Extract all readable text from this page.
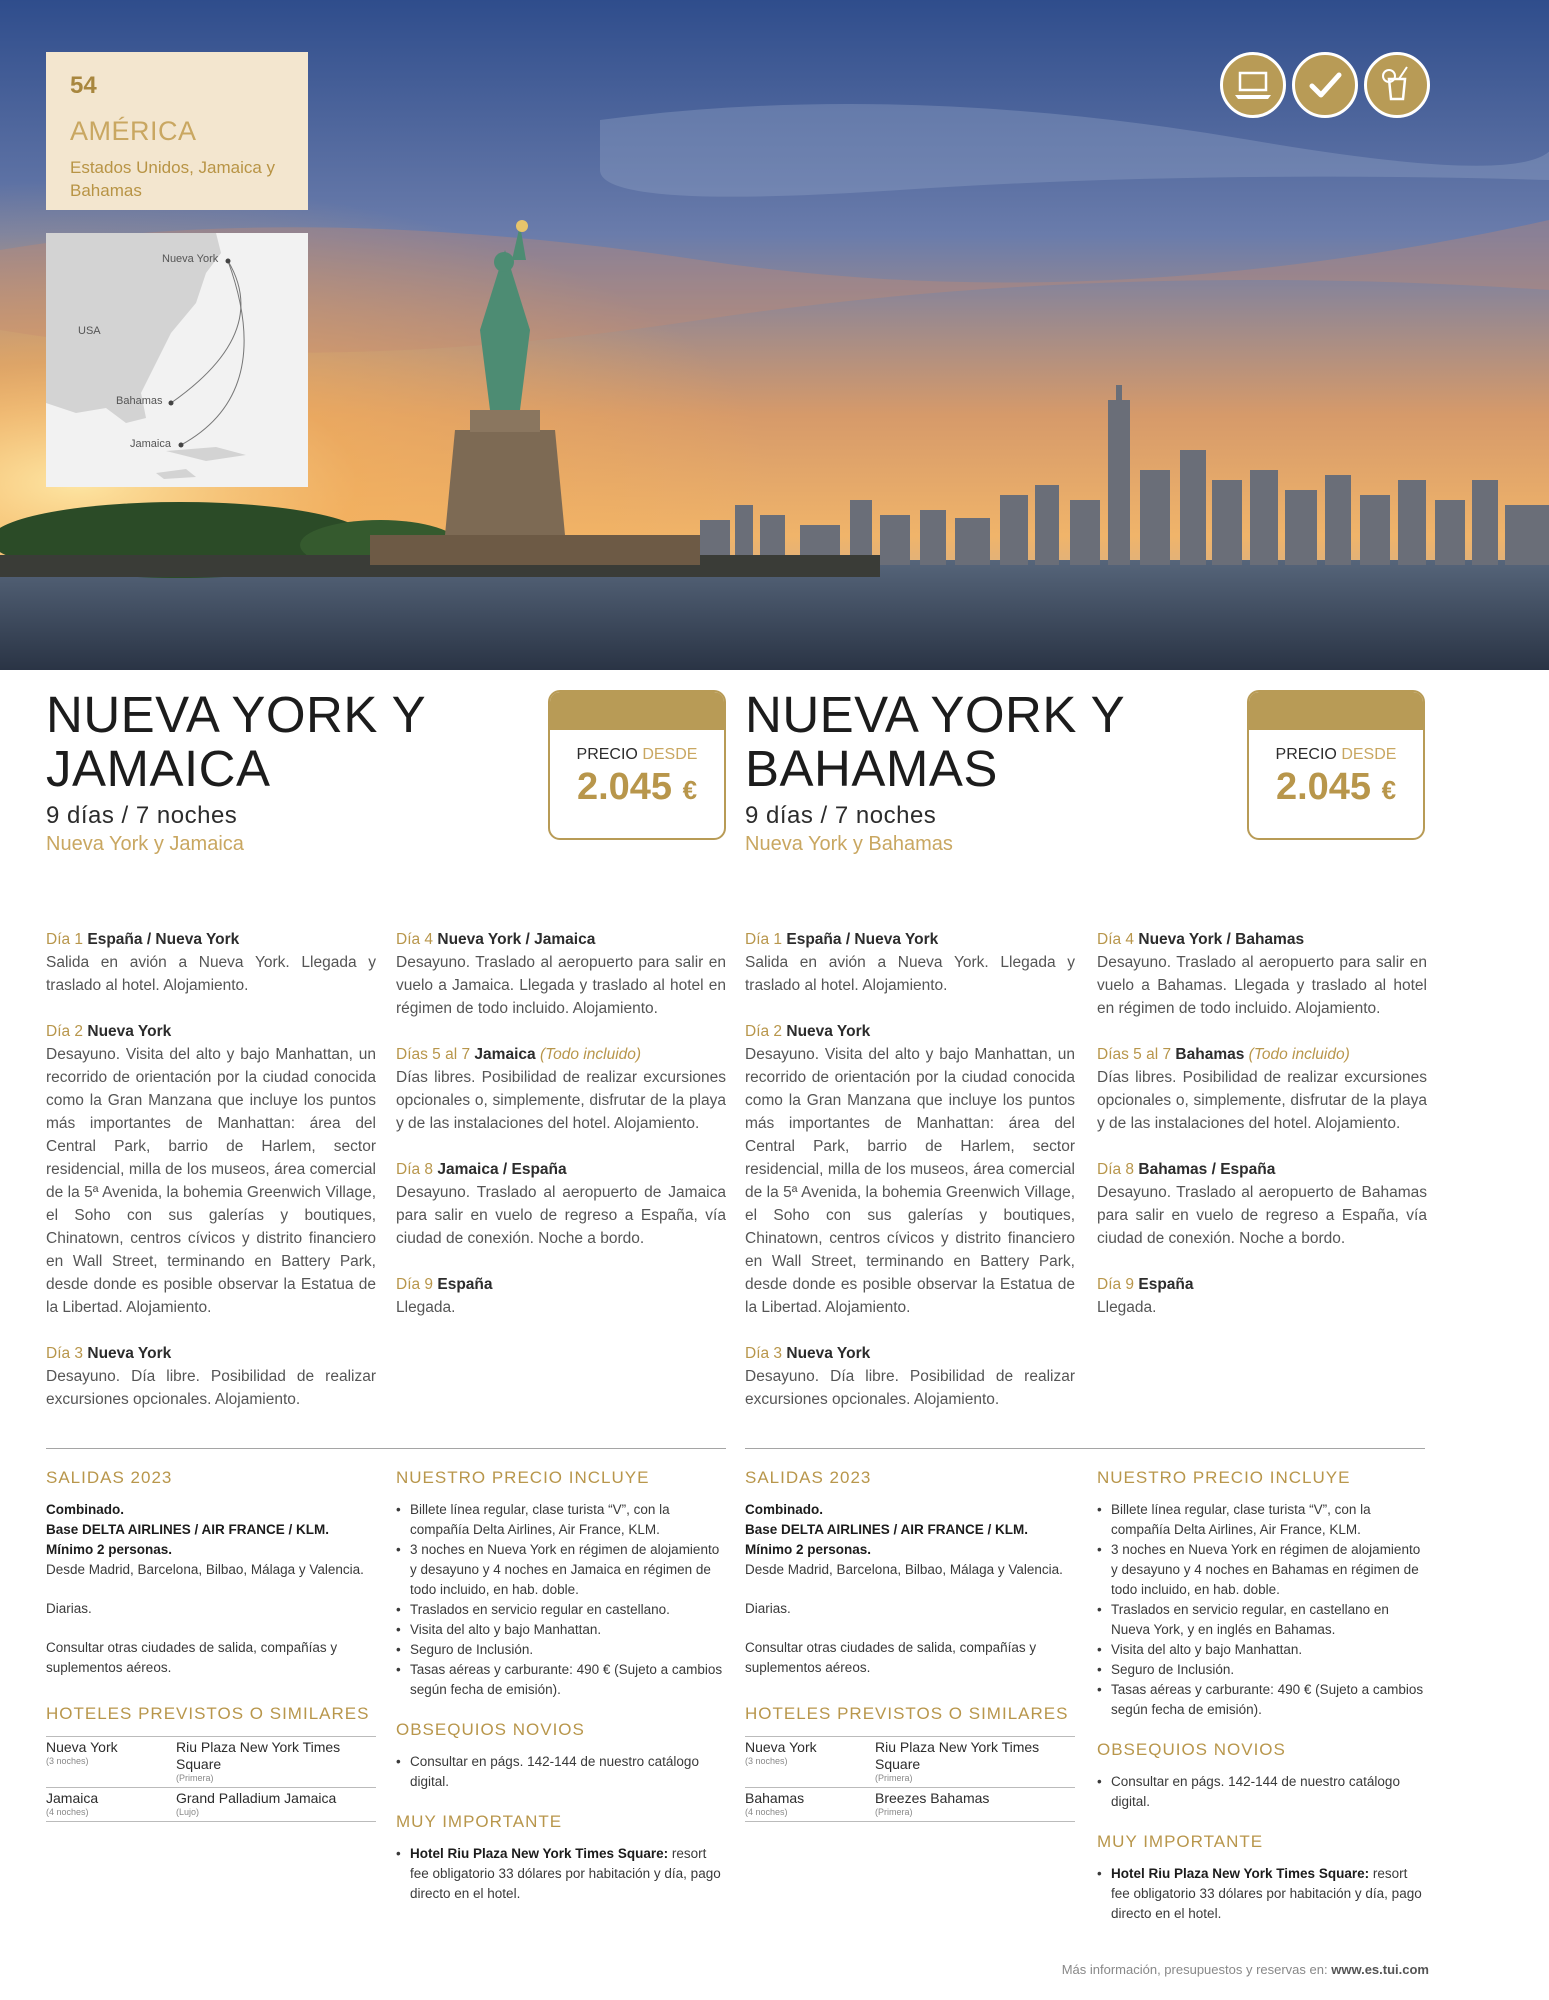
54
AMÉRICA
Estados Unidos, Jamaica y Bahamas
Nueva York
USA
Bahamas
Jamaica
NUEVA YORK Y
JAMAICA
9 días / 7 noches
Nueva York y Jamaica
PRECIO DESDE
2.045 €
NUEVA YORK Y
BAHAMAS
9 días / 7 noches
Nueva York y Bahamas
PRECIO DESDE
2.045 €
Día 1 España / Nueva York
Salida en avión a Nueva York. Llegada y traslado al hotel. Alojamiento.
Día 2 Nueva York
Desayuno. Visita del alto y bajo Manhattan, un recorrido de orientación por la ciudad conocida como la Gran Manzana que incluye los puntos más importantes de Manhattan: área del Central Park, barrio de Harlem, sector residencial, milla de los museos, área comercial de la 5ª Avenida, la bohemia Greenwich Village, el Soho con sus galerías y boutiques, Chinatown, centros cívicos y distrito financiero en Wall Street, terminando en Battery Park, desde donde es posible observar la Estatua de la Libertad. Alojamiento.
Día 3 Nueva York
Desayuno. Día libre. Posibilidad de realizar excursiones opcionales. Alojamiento.
Día 4 Nueva York / Jamaica
Desayuno. Traslado al aeropuerto para salir en vuelo a Jamaica. Llegada y traslado al hotel en régimen de todo incluido. Alojamiento.
Días 5 al 7 Jamaica (Todo incluido)
Días libres. Posibilidad de realizar excursiones opcionales o, simplemente, disfrutar de la playa y de las instalaciones del hotel. Alojamiento.
Día 8 Jamaica / España
Desayuno. Traslado al aeropuerto de Jamaica para salir en vuelo de regreso a España, vía ciudad de conexión. Noche a bordo.
Día 9 España
Llegada.
Día 1 España / Nueva York
Salida en avión a Nueva York. Llegada y traslado al hotel. Alojamiento.
Día 2 Nueva York
Desayuno. Visita del alto y bajo Manhattan, un recorrido de orientación por la ciudad conocida como la Gran Manzana que incluye los puntos más importantes de Manhattan: área del Central Park, barrio de Harlem, sector residencial, milla de los museos, área comercial de la 5ª Avenida, la bohemia Greenwich Village, el Soho con sus galerías y boutiques, Chinatown, centros cívicos y distrito financiero en Wall Street, terminando en Battery Park, desde donde es posible observar la Estatua de la Libertad. Alojamiento.
Día 3 Nueva York
Desayuno. Día libre. Posibilidad de realizar excursiones opcionales. Alojamiento.
Día 4 Nueva York / Bahamas
Desayuno. Traslado al aeropuerto para salir en vuelo a Bahamas. Llegada y traslado al hotel en régimen de todo incluido. Alojamiento.
Días 5 al 7 Bahamas (Todo incluido)
Días libres. Posibilidad de realizar excursiones opcionales o, simplemente, disfrutar de la playa y de las instalaciones del hotel. Alojamiento.
Día 8 Bahamas / España
Desayuno. Traslado al aeropuerto de Bahamas para salir en vuelo de regreso a España, vía ciudad de conexión. Noche a bordo.
Día 9 España
Llegada.
SALIDAS 2023

Combinado.

Base DELTA AIRLINES / AIR FRANCE / KLM.

Mínimo 2 personas.

Desde Madrid, Barcelona, Bilbao, Málaga y Valencia.

Diarias.

Consultar otras ciudades de salida, compañías y suplementos aéreos.

HOTELES PREVISTOS O SIMILARES
Nueva York
(3 noches)	Riu Plaza New York Times Square
(Primera)

Jamaica
(4 noches)	Grand Palladium Jamaica
(Lujo)
NUESTRO PRECIO INCLUYE
• Billete línea regular, clase turista “V”, con la compañía Delta Airlines, Air France, KLM.
• 3 noches en Nueva York en régimen de alojamiento y desayuno y 4 noches en Jamaica en régimen de todo incluido, en hab. doble.
• Traslados en servicio regular en castellano.
• Visita del alto y bajo Manhattan.
• Seguro de Inclusión.
• Tasas aéreas y carburante: 490 € (Sujeto a cambios según fecha de emisión).
OBSEQUIOS NOVIOS
• Consultar en págs. 142-144 de nuestro catálogo digital.
MUY IMPORTANTE
• Hotel Riu Plaza New York Times Square: resort fee obligatorio 33 dólares por habitación y día, pago directo en el hotel.
SALIDAS 2023

Combinado.

Base DELTA AIRLINES / AIR FRANCE / KLM.

Mínimo 2 personas.

Desde Madrid, Barcelona, Bilbao, Málaga y Valencia.

Diarias.

Consultar otras ciudades de salida, compañías y suplementos aéreos.

HOTELES PREVISTOS O SIMILARES
Nueva York
(3 noches)	Riu Plaza New York Times Square
(Primera)

Bahamas
(4 noches)	Breezes Bahamas
(Primera)
NUESTRO PRECIO INCLUYE
• Billete línea regular, clase turista “V”, con la compañía Delta Airlines, Air France, KLM.
• 3 noches en Nueva York en régimen de alojamiento y desayuno y 4 noches en Bahamas en régimen de todo incluido, en hab. doble.
• Traslados en servicio regular, en castellano en Nueva York, y en inglés en Bahamas.
• Visita del alto y bajo Manhattan.
• Seguro de Inclusión.
• Tasas aéreas y carburante: 490 € (Sujeto a cambios según fecha de emisión).
OBSEQUIOS NOVIOS
• Consultar en págs. 142-144 de nuestro catálogo digital.
MUY IMPORTANTE
• Hotel Riu Plaza New York Times Square: resort fee obligatorio 33 dólares por habitación y día, pago directo en el hotel.
Más información, presupuestos y reservas en: www.es.tui.com
